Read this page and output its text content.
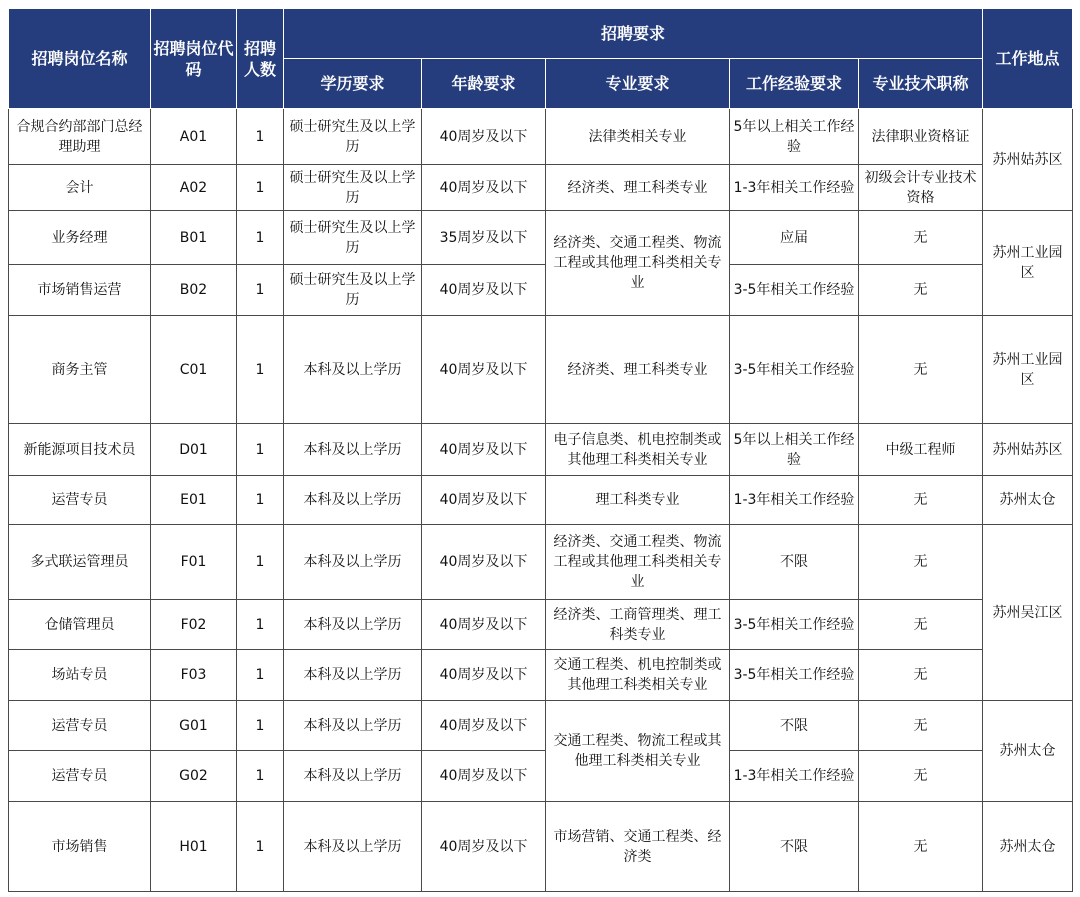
招聘岗位名称	招聘岗位代码	招聘人数	招聘要求					工作地点
			学历要求	年龄要求	专业要求	工作经验要求	专业技术职称	
合规合约部部门总经理助理	A01	1	硕士研究生及以上学历	40周岁及以下	法律类相关专业	5年以上相关工作经验	法律职业资格证	苏州姑苏区
会计	A02	1	硕士研究生及以上学历	40周岁及以下	经济类、理工科类专业	1-3年相关工作经验	初级会计专业技术资格	
业务经理	B01	1	硕士研究生及以上学历	35周岁及以下	经济类、交通工程类、物流工程或其他理工科类相关专业	应届	无	苏州工业园区
市场销售运营	B02	1	硕士研究生及以上学历	40周岁及以下		3-5年相关工作经验	无	
商务主管	C01	1	本科及以上学历	40周岁及以下	经济类、理工科类专业	3-5年相关工作经验	无	苏州工业园区
新能源项目技术员	D01	1	本科及以上学历	40周岁及以下	电子信息类、机电控制类或其他理工科类相关专业	5年以上相关工作经验	中级工程师	苏州姑苏区
运营专员	E01	1	本科及以上学历	40周岁及以下	理工科类专业	1-3年相关工作经验	无	苏州太仓
多式联运管理员	F01	1	本科及以上学历	40周岁及以下	经济类、交通工程类、物流工程或其他理工科类相关专业	不限	无	苏州吴江区
仓储管理员	F02	1	本科及以上学历	40周岁及以下	经济类、工商管理类、理工科类专业	3-5年相关工作经验	无	
场站专员	F03	1	本科及以上学历	40周岁及以下	交通工程类、机电控制类或其他理工科类相关专业	3-5年相关工作经验	无	
运营专员	G01	1	本科及以上学历	40周岁及以下	交通工程类、物流工程或其他理工科类相关专业	不限	无	苏州太仓
运营专员	G02	1	本科及以上学历	40周岁及以下		1-3年相关工作经验	无	
市场销售	H01	1	本科及以上学历	40周岁及以下	市场营销、交通工程类、经济类	不限	无	苏州太仓
